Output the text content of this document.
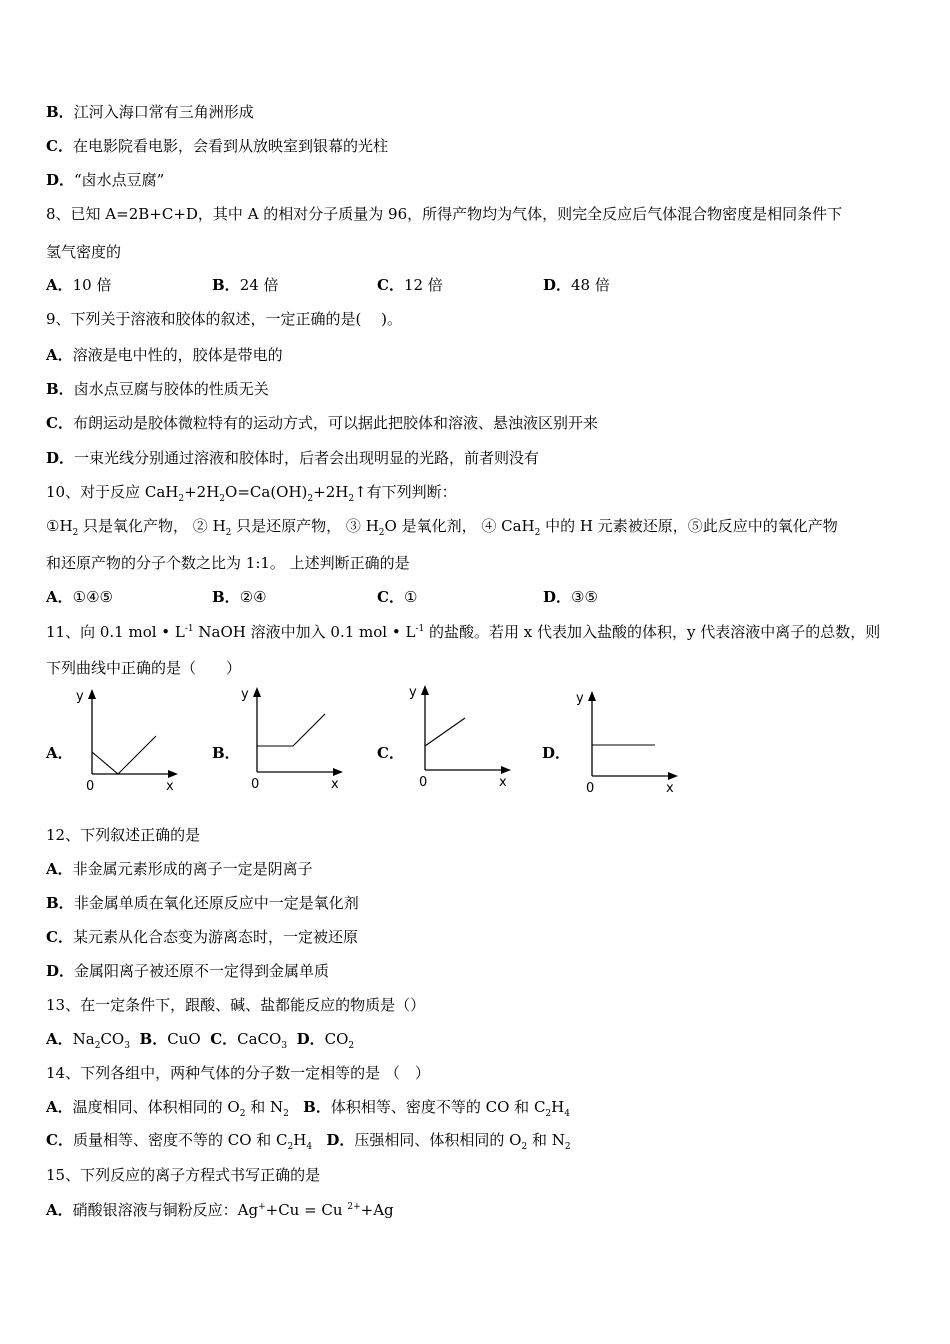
B．江河入海口常有三角洲形成
C．在电影院看电影，会看到从放映室到银幕的光柱
D．“卤水点豆腐”
8、已知 A=2B+C+D，其中 A 的相对分子质量为 96，所得产物均为气体，则完全反应后气体混合物密度是相同条件下
氢气密度的
A．10 倍	B．24 倍	C．12 倍	D．48 倍
9、下列关于溶液和胶体的叙述，一定正确的是(　 )。
A．溶液是电中性的，胶体是带电的
B．卤水点豆腐与胶体的性质无关
C．布朗运动是胶体微粒特有的运动方式，可以据此把胶体和溶液、悬浊液区别开来
D．一束光线分别通过溶液和胶体时，后者会出现明显的光路，前者则没有
10、对于反应 $CaH_2+2H_2O=Ca(OH)_2+2H_2↑$有下列判断：
$①H_2$ 只是氧化产物， ② $H_2$ 只是还原产物， ③ $H_2O$ 是氧化剂， ④ CaH$_2$ 中的 H 元素被还原，⑤此反应中的氧化产物
和还原产物的分子个数之比为 1:1。 上述判断正确的是
A．①④⑤	B．②④	C．①	D．③⑤
11、向 0.1 mol • $L^{-1}$ NaOH 溶液中加入 0.1 mol • $L^{-1}$ 的盐酸。若用 x 代表加入盐酸的体积，y 代表溶液中离子的总数，则
下列曲线中正确的是（　　）
A．
y
0	x
B．
y
0	x
C．
y
0	x
D．
y
0	x
12、下列叙述正确的是
A．非金属元素形成的离子一定是阴离子
B．非金属单质在氧化还原反应中一定是氧化剂
C．某元素从化合态变为游离态时，一定被还原
D．金属阳离子被还原不一定得到金属单质
13、在一定条件下，跟酸、碱、盐都能反应的物质是（）
A．$Na_2CO_3$ B．CuO C．CaCO$_3$ D．$CO_2$
14、下列各组中，两种气体的分子数一定相等的是 （　）
A．温度相同、体积相同的 $O_2$ 和 $N_2$ B．体积相等、密度不等的 CO 和 $C_2H_4$
C．质量相等、密度不等的 CO 和 $C_2H_4$ D．压强相同、体积相同的 $O_2$ 和 $N_2$
15、下列反应的离子方程式书写正确的是
A．硝酸银溶液与铜粉反应：Ag++Cu = Cu $^{2+}$+Ag
